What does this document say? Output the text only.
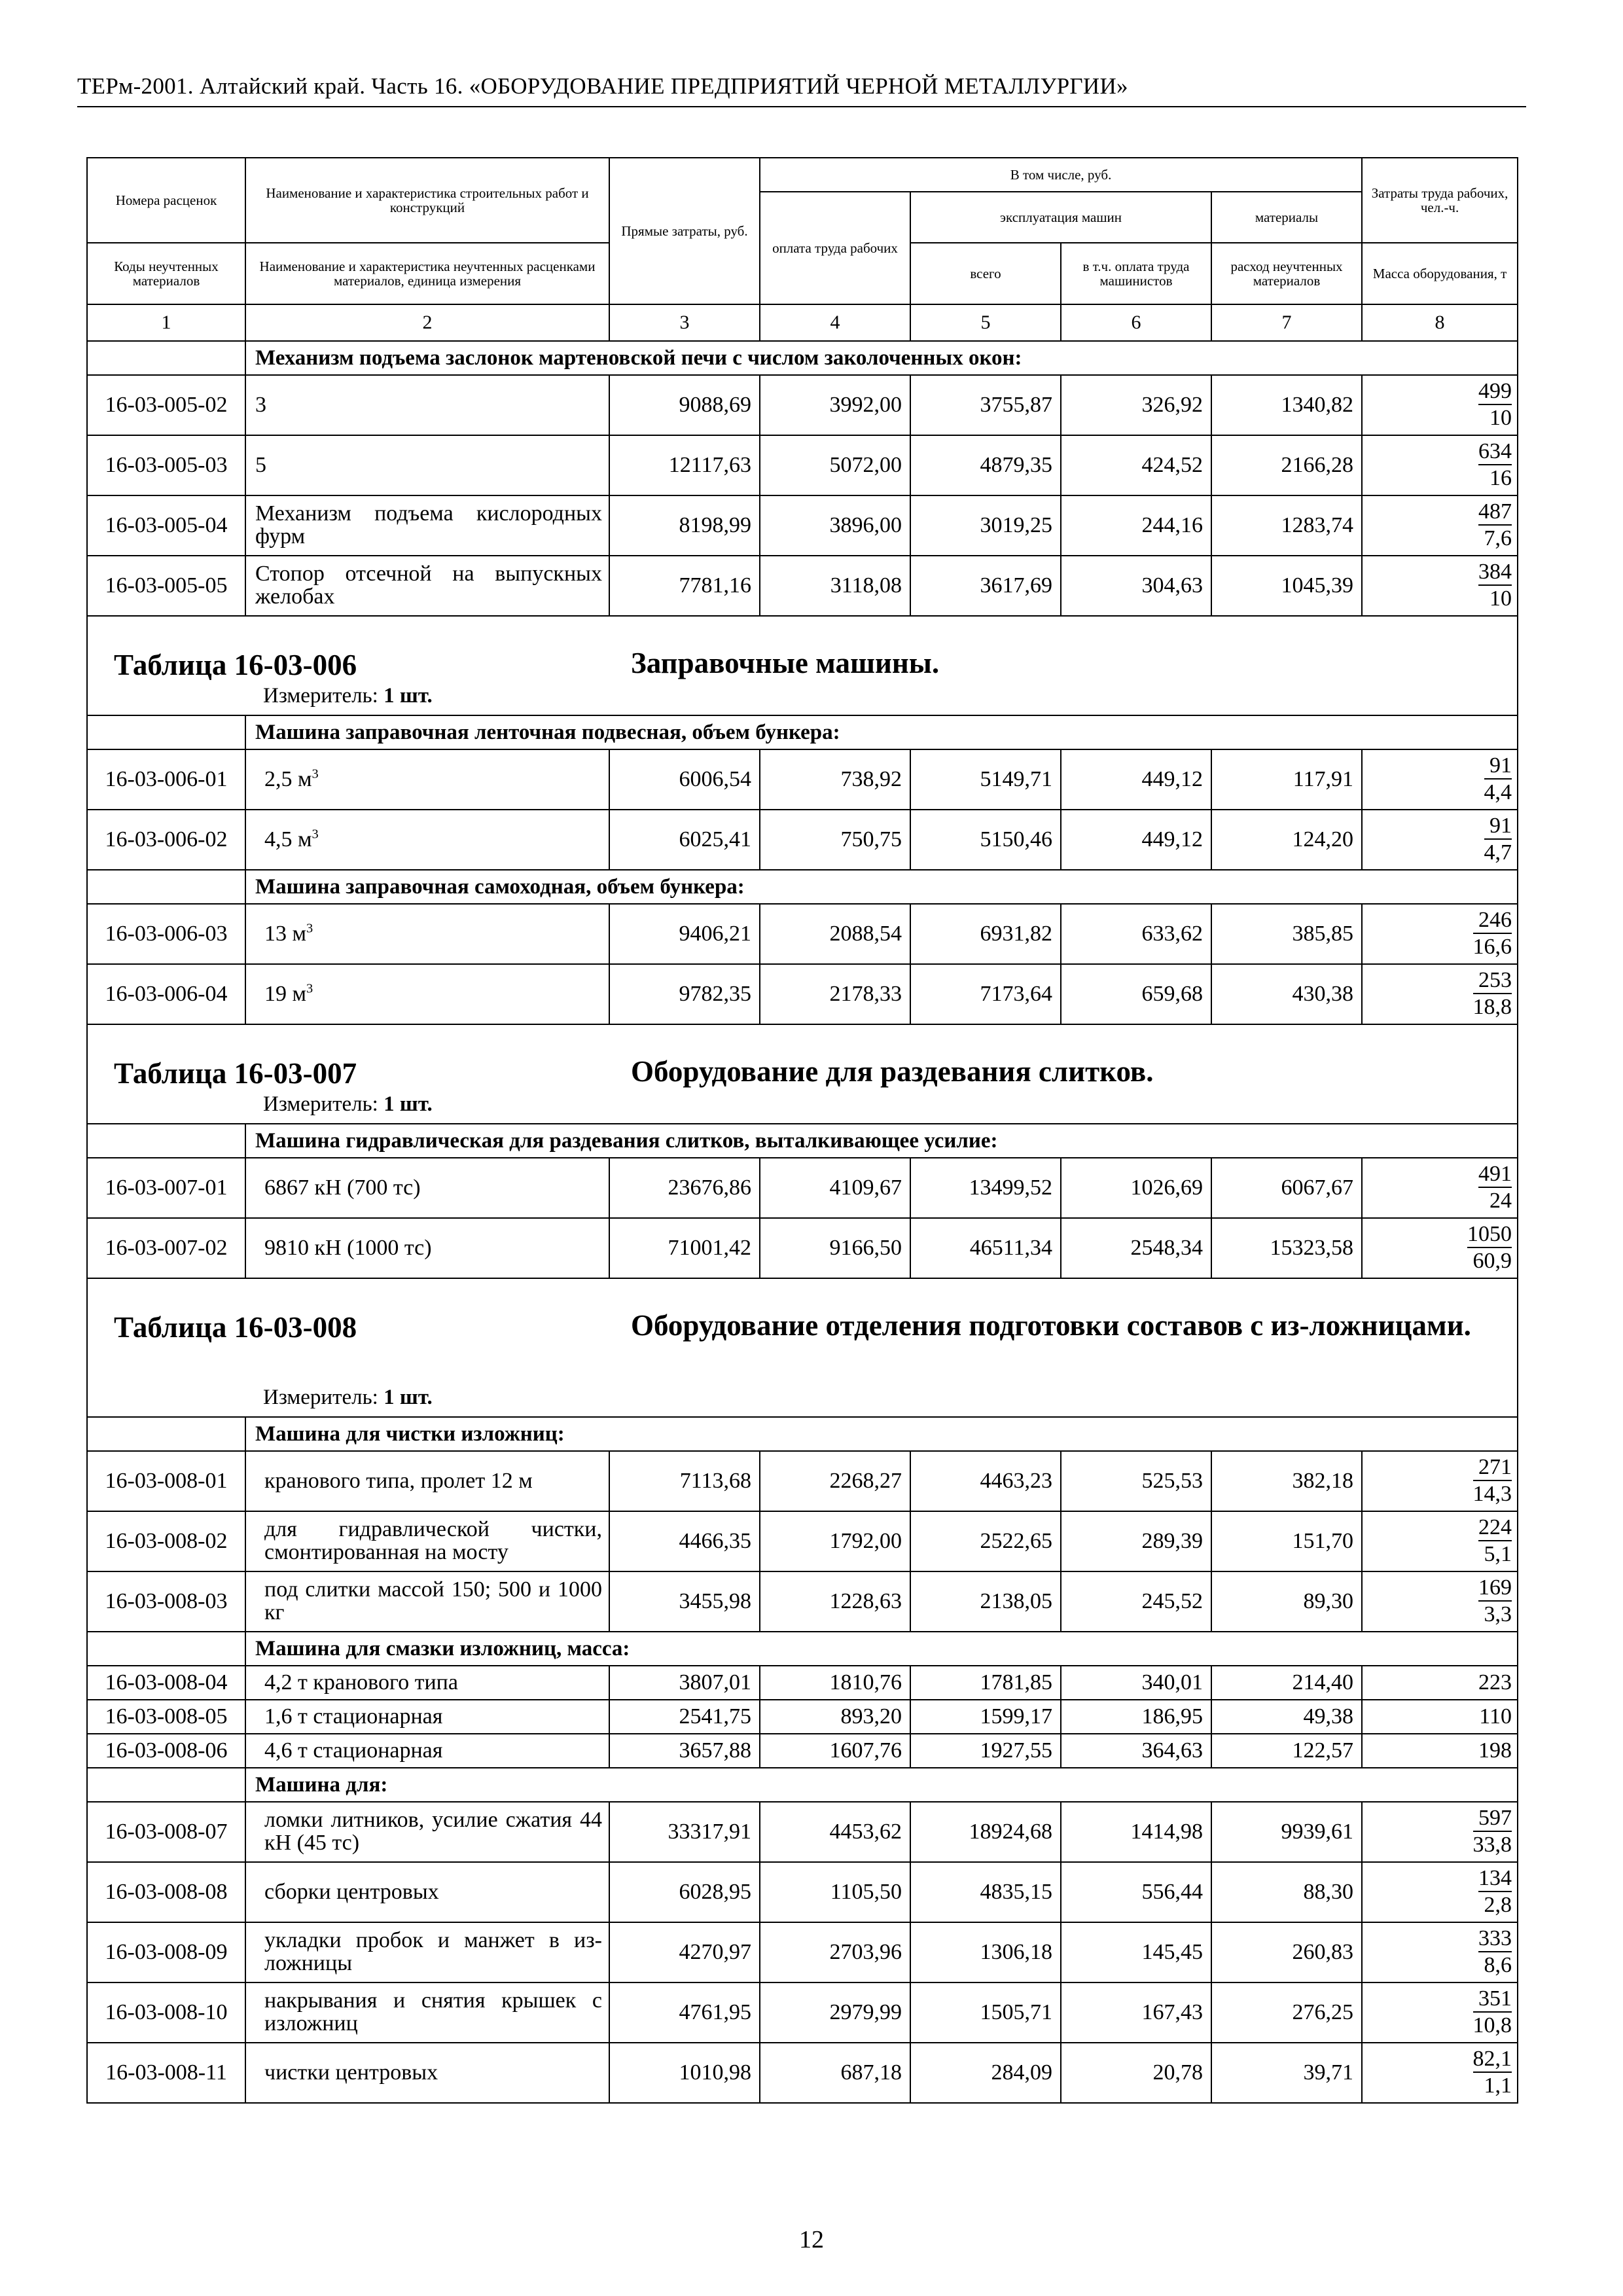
ТЕРм-2001. Алтайский край. Часть 16. «ОБОРУДОВАНИЕ ПРЕДПРИЯТИЙ ЧЕРНОЙ МЕТАЛЛУРГИИ»
Номера расценок	Наименование и характеристика строительных работ и конструкций	Прямые затраты, руб.	В том числе, руб.				Затраты труда рабочих, чел.-ч.
			оплата труда рабочих	эксплуатация машин		материалы	
Коды неучтенных материалов	Наименование и характеристика неучтенных расценками материалов, единица измерения			всего	в т.ч. оплата труда машинистов	расход неучтенных материалов	Масса оборудования, т
1	2	3	4	5	6	7	8
	Механизм подъема заслонок мартеновской печи с числом заколоченных окон:						
16-03-005-02	3	9088,69	3992,00	3755,87	326,92	1340,82	$\frac{499}{10}$

16-03-005-03	5	12117,63	5072,00	4879,35	424,52	2166,28	$\frac{634}{16}$

16-03-005-04	Механизм подъема кислородных фурм	8198,99	3896,00	3019,25	244,16	1283,74	$\frac{487}{7,6}$

16-03-005-05	Стопор отсечной на выпускных желобах	7781,16	3118,08	3617,69	304,63	1045,39	$\frac{384}{10}$

Таблица 16-03-006 Заправочные машины.
Измеритель: 1 шт.							

	Машина заправочная ленточная подвесная, объем бункера:						
16-03-006-01	2,5 $м^3$	6006,54	738,92	5149,71	449,12	117,91	$\frac{91}{4,4}$

16-03-006-02	4,5 $м^3$	6025,41	750,75	5150,46	449,12	124,20	$\frac{91}{4,7}$

	Машина заправочная самоходная, объем бункера:						
16-03-006-03	13 $м^3$	9406,21	2088,54	6931,82	633,62	385,85	$\frac{246}{16,6}$

16-03-006-04	19 $м^3$	9782,35	2178,33	7173,64	659,68	430,38	$\frac{253}{18,8}$

Таблица 16-03-007 Оборудование для раздевания слитков.
Измеритель: 1 шт.							

	Машина гидравлическая для раздевания слитков, выталкивающее усилие:						
16-03-007-01	6867 кН (700 тс)	23676,86	4109,67	13499,52	1026,69	6067,67	$\frac{491}{24}$

16-03-007-02	9810 кН (1000 тс)	71001,42	9166,50	46511,34	2548,34	15323,58	$\frac{1050}{60,9}$

Таблица 16-03-008 Оборудование отделения подготовки составов с из-ложницами.
Измеритель: 1 шт.							

	Машина для чистки изложниц:						
16-03-008-01	кранового типа, пролет 12 м	7113,68	2268,27	4463,23	525,53	382,18	$\frac{271}{14,3}$

16-03-008-02	для гидравлической чистки, смонтированная на мосту	4466,35	1792,00	2522,65	289,39	151,70	$\frac{224}{5,1}$

16-03-008-03	под слитки массой 150; 500 и 1000 кг	3455,98	1228,63	2138,05	245,52	89,30	$\frac{169}{3,3}$

	Машина для смазки изложниц, масса:						
16-03-008-04	4,2 т кранового типа	3807,01	1810,76	1781,85	340,01	214,40	223
16-03-008-05	1,6 т стационарная	2541,75	893,20	1599,17	186,95	49,38	110
16-03-008-06	4,6 т стационарная	3657,88	1607,76	1927,55	364,63	122,57	198
	Машина для:						
16-03-008-07	ломки литников, усилие сжатия 44 кН (45 тс)	33317,91	4453,62	18924,68	1414,98	9939,61	$\frac{597}{33,8}$

16-03-008-08	сборки центровых	6028,95	1105,50	4835,15	556,44	88,30	$\frac{134}{2,8}$

16-03-008-09	укладки пробок и манжет в из-ложницы	4270,97	2703,96	1306,18	145,45	260,83	$\frac{333}{8,6}$

16-03-008-10	накрывания и снятия крышек с изложниц	4761,95	2979,99	1505,71	167,43	276,25	$\frac{351}{10,8}$

16-03-008-11	чистки центровых	1010,98	687,18	284,09	20,78	39,71	$\frac{82,1}{1,1}$
12
